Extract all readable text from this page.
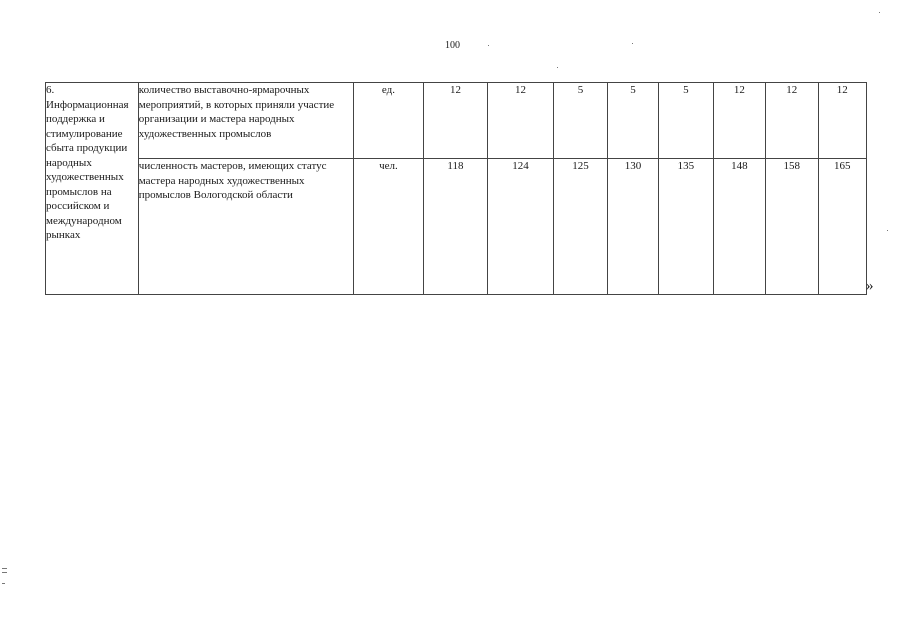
100
6. Информационная поддержка и стимулирование сбыта продукции народных художественных промыслов на российском и международном рынках	количество выставочно-ярмарочных мероприятий, в которых приняли участие организации и мастера народных художественных промыслов	ед.	12	12	5	5	5	12	12	12
	численность мастеров, имеющих статус мастера народных художественных промыслов Вологодской области	чел.	118	124	125	130	135	148	158	165
»
